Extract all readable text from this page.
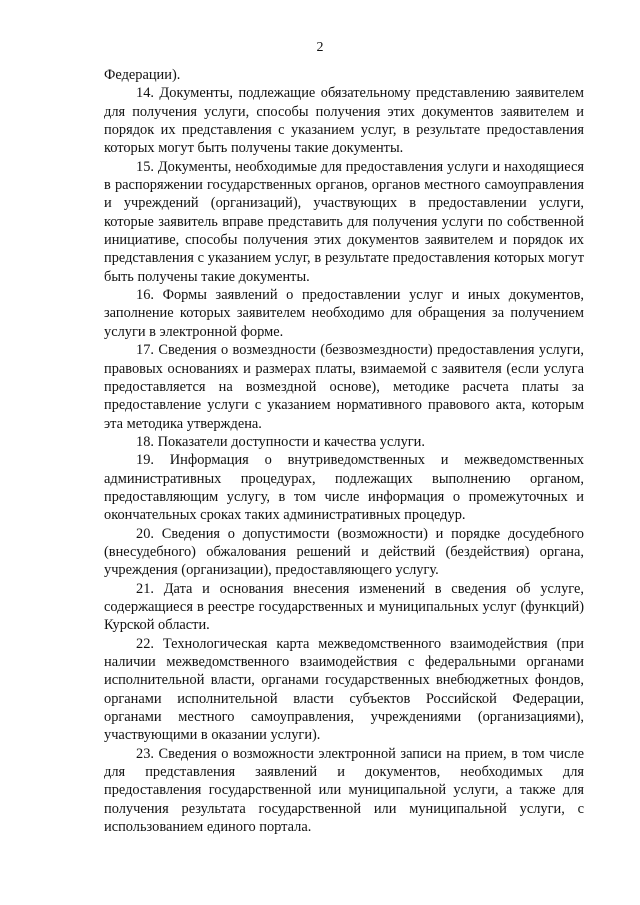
2

Федерации).

14. Документы, подлежащие обязательному представлению заявителем для получения услуги, способы получения этих документов заявителем и порядок их представления с указанием услуг, в результате предоставления которых могут быть получены такие документы.

15. Документы, необходимые для предоставления услуги и находящиеся в распоряжении государственных органов, органов местного самоуправления и учреждений (организаций), участвующих в предоставлении услуги, которые заявитель вправе представить для получения услуги по собственной инициативе, способы получения этих документов заявителем и порядок их представления с указанием услуг, в результате предоставления которых могут быть получены такие документы.

16. Формы заявлений о предоставлении услуг и иных документов, заполнение которых заявителем необходимо для обращения за получением услуги в электронной форме.

17. Сведения о возмездности (безвозмездности) предоставления услуги, правовых основаниях и размерах платы, взимаемой с заявителя (если услуга предоставляется на возмездной основе), методике расчета платы за предоставление услуги с указанием нормативного правового акта, которым эта методика утверждена.

18. Показатели доступности и качества услуги.

19. Информация о внутриведомственных и межведомственных административных процедурах, подлежащих выполнению органом, предоставляющим услугу, в том числе информация о промежуточных и окончательных сроках таких административных процедур.

20. Сведения о допустимости (возможности) и порядке досудебного (внесудебного) обжалования решений и действий (бездействия) органа, учреждения (организации), предоставляющего услугу.

21. Дата и основания внесения изменений в сведения об услуге, содержащиеся в реестре государственных и муниципальных услуг (функций) Курской области.

22. Технологическая карта межведомственного взаимодействия (при наличии межведомственного взаимодействия с федеральными органами исполнительной власти, органами государственных внебюджетных фондов, органами исполнительной власти субъектов Российской Федерации, органами местного самоуправления, учреждениями (организациями), участвующими в оказании услуги).

23. Сведения о возможности электронной записи на прием, в том числе для представления заявлений и документов, необходимых для предоставления государственной или муниципальной услуги, а также для получения результата государственной или муниципальной услуги, с использованием единого портала.
